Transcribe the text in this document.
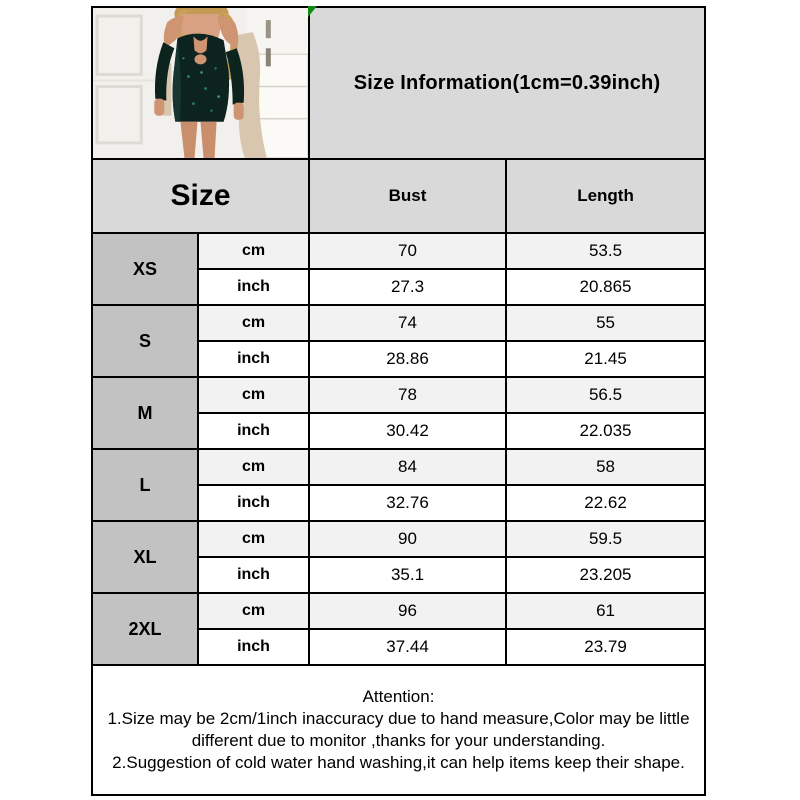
	Size Information(1cm=0.39inch)	
Size		Bust	Length
XS	cm	70	53.5
	inch	27.3	20.865
S	cm	74	55
	inch	28.86	21.45
M	cm	78	56.5
	inch	30.42	22.035
L	cm	84	58
	inch	32.76	22.62
XL	cm	90	59.5
	inch	35.1	23.205
2XL	cm	96	61
	inch	37.44	23.79

Attention:
1.Size may be 2cm/1inch inaccuracy due to hand measure,Color may be little different due to monitor ,thanks for your understanding.
2.Suggestion of cold water hand washing,it can help items keep their shape.			
